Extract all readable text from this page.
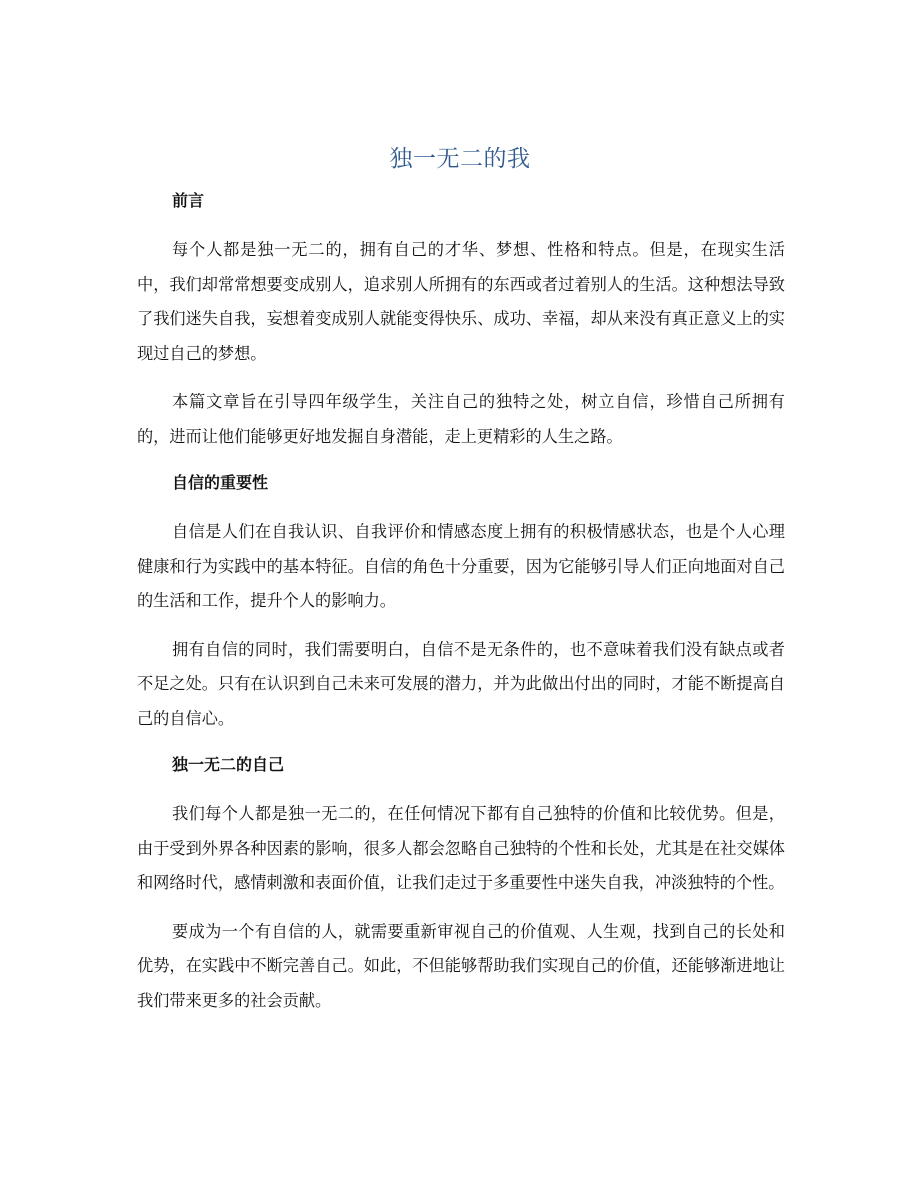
独一无二的我
前言

每个人都是独一无二的，拥有自己的才华、梦想、性格和特点。但是，在现实生活中，我们却常常想要变成别人，追求别人所拥有的东西或者过着别人的生活。这种想法导致了我们迷失自我，妄想着变成别人就能变得快乐、成功、幸福，却从来没有真正意义上的实现过自己的梦想。

本篇文章旨在引导四年级学生，关注自己的独特之处，树立自信，珍惜自己所拥有的，进而让他们能够更好地发掘自身潜能，走上更精彩的人生之路。

自信的重要性

自信是人们在自我认识、自我评价和情感态度上拥有的积极情感状态，也是个人心理健康和行为实践中的基本特征。自信的角色十分重要，因为它能够引导人们正向地面对自己的生活和工作，提升个人的影响力。

拥有自信的同时，我们需要明白，自信不是无条件的，也不意味着我们没有缺点或者不足之处。只有在认识到自己未来可发展的潜力，并为此做出付出的同时，才能不断提高自己的自信心。

独一无二的自己

我们每个人都是独一无二的，在任何情况下都有自己独特的价值和比较优势。但是，由于受到外界各种因素的影响，很多人都会忽略自己独特的个性和长处，尤其是在社交媒体和网络时代，感情刺激和表面价值，让我们走过于多重要性中迷失自我，冲淡独特的个性。

要成为一个有自信的人，就需要重新审视自己的价值观、人生观，找到自己的长处和优势，在实践中不断完善自己。如此，不但能够帮助我们实现自己的价值，还能够渐进地让我们带来更多的社会贡献。
